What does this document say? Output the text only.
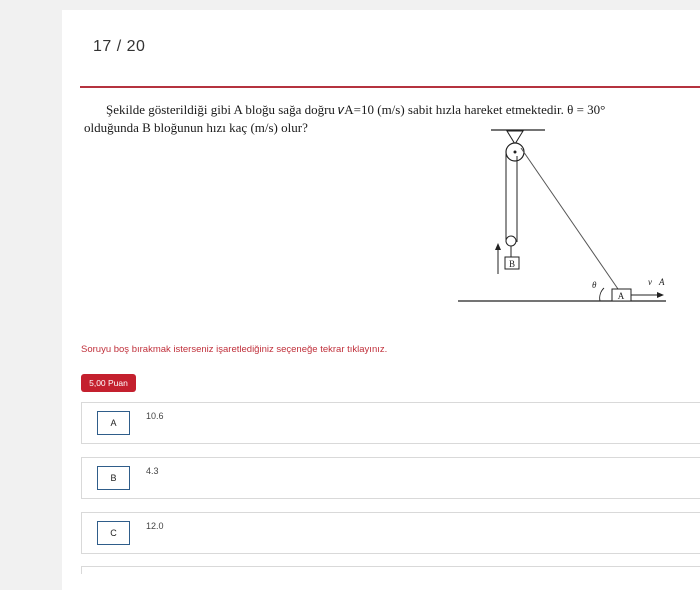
17 / 20
Şekilde gösterildiği gibi A bloğu sağa doğru 𝑣A=10 (m/s) sabit hızla hareket etmektedir. θ = 30°
olduğunda B bloğunun hızı kaç (m/s) olur?
B
θ
A
v⃗A
Soruyu boş bırakmak isterseniz işaretlediğiniz seçeneğe tekrar tıklayınız.
5,00 Puan
A
10.6
B
4.3
C
12.0
